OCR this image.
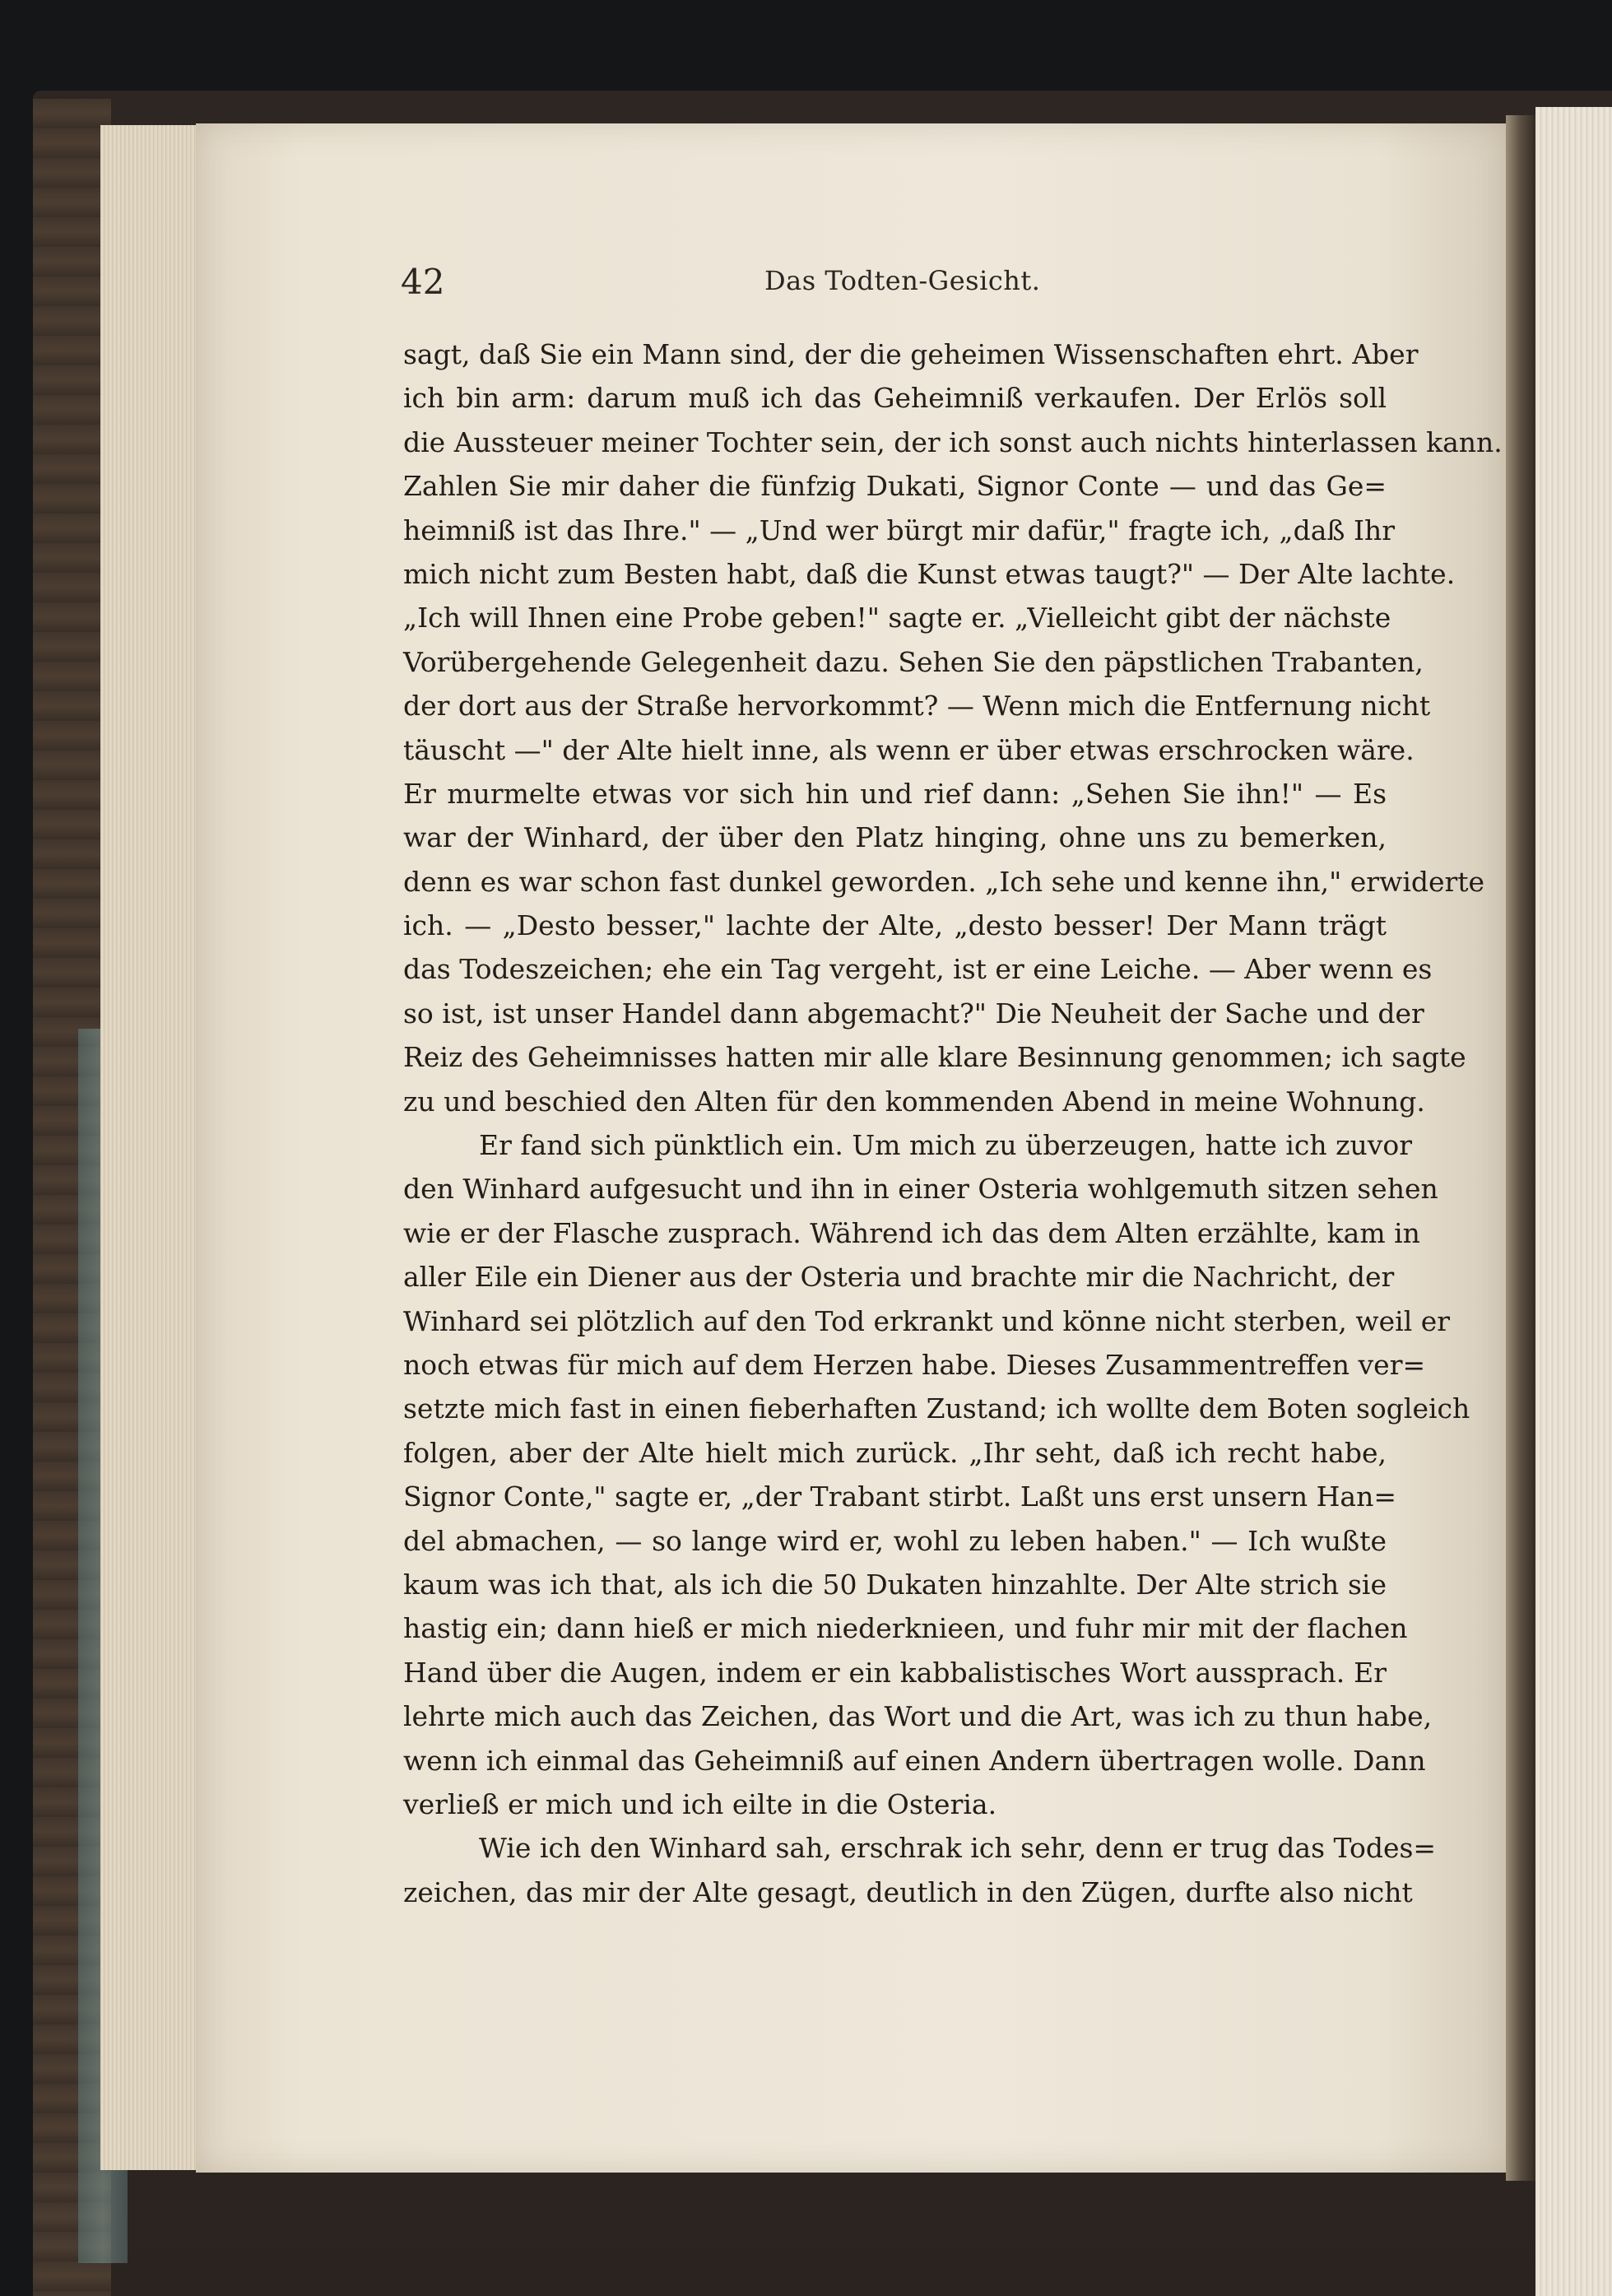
42	Das Todten-Gesicht.
sagt, daß Sie ein Mann sind, der die geheimen Wissenschaften ehrt. Aber
ich bin arm: darum muß ich das Geheimniß verkaufen. Der Erlös soll
die Aussteuer meiner Tochter sein, der ich sonst auch nichts hinterlassen kann.
Zahlen Sie mir daher die fünfzig Dukati, Signor Conte — und das Ge=
heimniß ist das Ihre." — „Und wer bürgt mir dafür," fragte ich, „daß Ihr
mich nicht zum Besten habt, daß die Kunst etwas taugt?" — Der Alte lachte.
„Ich will Ihnen eine Probe geben!" sagte er. „Vielleicht gibt der nächste
Vorübergehende Gelegenheit dazu. Sehen Sie den päpstlichen Trabanten,
der dort aus der Straße hervorkommt? — Wenn mich die Entfernung nicht
täuscht —" der Alte hielt inne, als wenn er über etwas erschrocken wäre.
Er murmelte etwas vor sich hin und rief dann: „Sehen Sie ihn!" — Es
war der Winhard, der über den Platz hinging, ohne uns zu bemerken,
denn es war schon fast dunkel geworden. „Ich sehe und kenne ihn," erwiderte
ich. — „Desto besser," lachte der Alte, „desto besser! Der Mann trägt
das Todeszeichen; ehe ein Tag vergeht, ist er eine Leiche. — Aber wenn es
so ist, ist unser Handel dann abgemacht?" Die Neuheit der Sache und der
Reiz des Geheimnisses hatten mir alle klare Besinnung genommen; ich sagte
zu und beschied den Alten für den kommenden Abend in meine Wohnung.
Er fand sich pünktlich ein. Um mich zu überzeugen, hatte ich zuvor
den Winhard aufgesucht und ihn in einer Osteria wohlgemuth sitzen sehen
wie er der Flasche zusprach. Während ich das dem Alten erzählte, kam in
aller Eile ein Diener aus der Osteria und brachte mir die Nachricht, der
Winhard sei plötzlich auf den Tod erkrankt und könne nicht sterben, weil er
noch etwas für mich auf dem Herzen habe. Dieses Zusammentreffen ver=
setzte mich fast in einen fieberhaften Zustand; ich wollte dem Boten sogleich
folgen, aber der Alte hielt mich zurück. „Ihr seht, daß ich recht habe,
Signor Conte," sagte er, „der Trabant stirbt. Laßt uns erst unsern Han=
del abmachen, — so lange wird er, wohl zu leben haben." — Ich wußte
kaum was ich that, als ich die 50 Dukaten hinzahlte. Der Alte strich sie
hastig ein; dann hieß er mich niederknieen, und fuhr mir mit der flachen
Hand über die Augen, indem er ein kabbalistisches Wort aussprach. Er
lehrte mich auch das Zeichen, das Wort und die Art, was ich zu thun habe,
wenn ich einmal das Geheimniß auf einen Andern übertragen wolle. Dann
verließ er mich und ich eilte in die Osteria.
Wie ich den Winhard sah, erschrak ich sehr, denn er trug das Todes=
zeichen, das mir der Alte gesagt, deutlich in den Zügen, durfte also nicht
